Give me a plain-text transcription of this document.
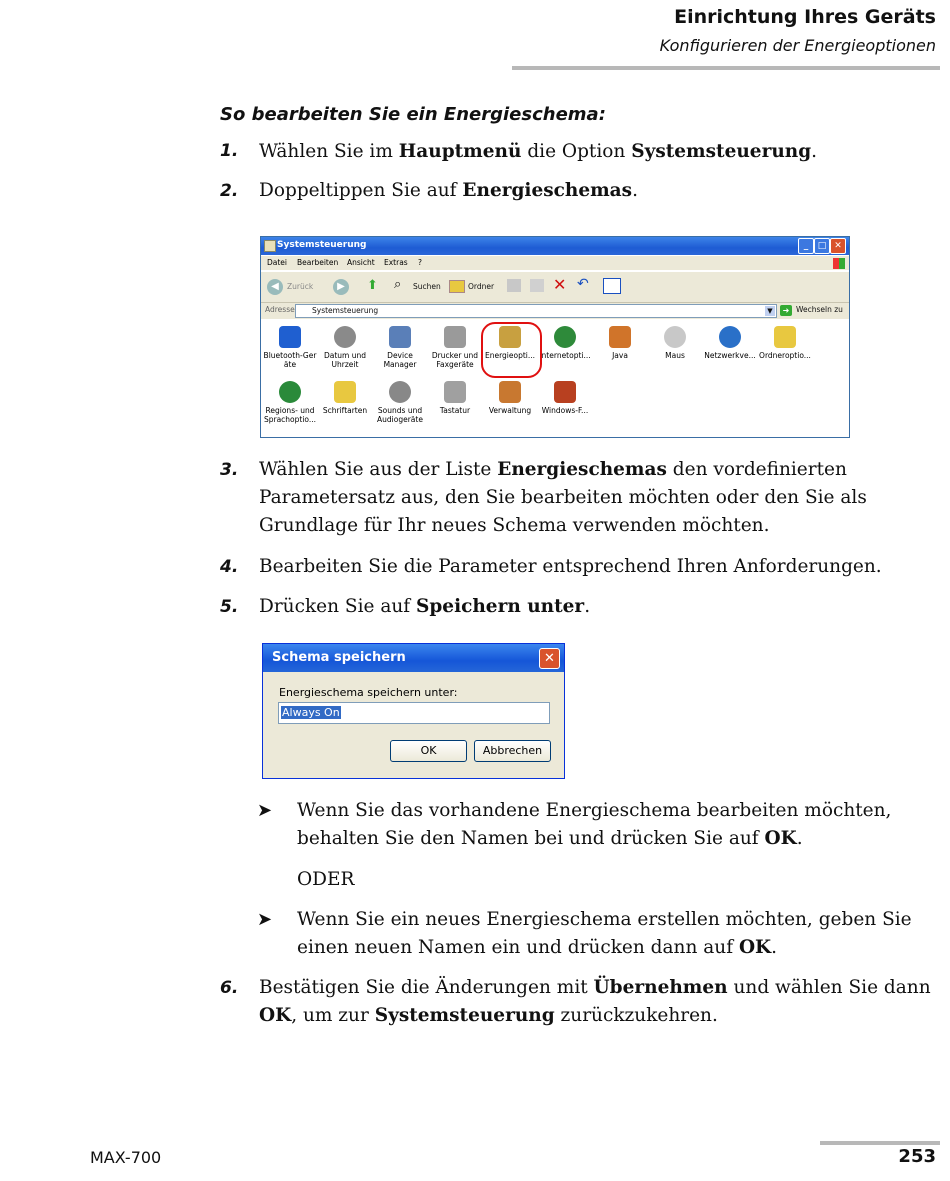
Einrichtung Ihres Geräts
Konfigurieren der Energieoptionen
So bearbeiten Sie ein Energieschema:
1. Wählen Sie im Hauptmenü die Option Systemsteuerung.
2. Doppeltippen Sie auf Energieschemas.
Systemsteuerung	_	□ ✕
Datei Bearbeiten Ansicht Extras ?
◀	Zurück	▶	⬆ ⌕ Suchen	Ordner	✕ ↶
Adresse Systemsteuerung	▼	➜ Wechseln zu
Bluetooth-Ger
äte
Datum und
Uhrzeit
Device
Manager
Drucker und
Faxgeräte
Energieopti... Internetopti...	Java	Maus	Netzwerkve... Ordneroptio...
Regions- und
Sprachoptio...
Schriftarten	Sounds und
Audiogeräte
Tastatur	Verwaltung	Windows-F...
3. Wählen Sie aus der Liste Energieschemas den vordefinierten
Parametersatz aus, den Sie bearbeiten möchten oder den Sie als
Grundlage für Ihr neues Schema verwenden möchten.
4. Bearbeiten Sie die Parameter entsprechend Ihren Anforderungen.
5. Drücken Sie auf Speichern unter.
Schema speichern	✕
Energieschema speichern unter:
Always On
OK	Abbrechen
➤ Wenn Sie das vorhandene Energieschema bearbeiten möchten,
behalten Sie den Namen bei und drücken Sie auf OK.
ODER
➤ Wenn Sie ein neues Energieschema erstellen möchten, geben Sie
einen neuen Namen ein und drücken dann auf OK.
6. Bestätigen Sie die Änderungen mit Übernehmen und wählen Sie dann
OK, um zur Systemsteuerung zurückzukehren.
MAX-700	253
